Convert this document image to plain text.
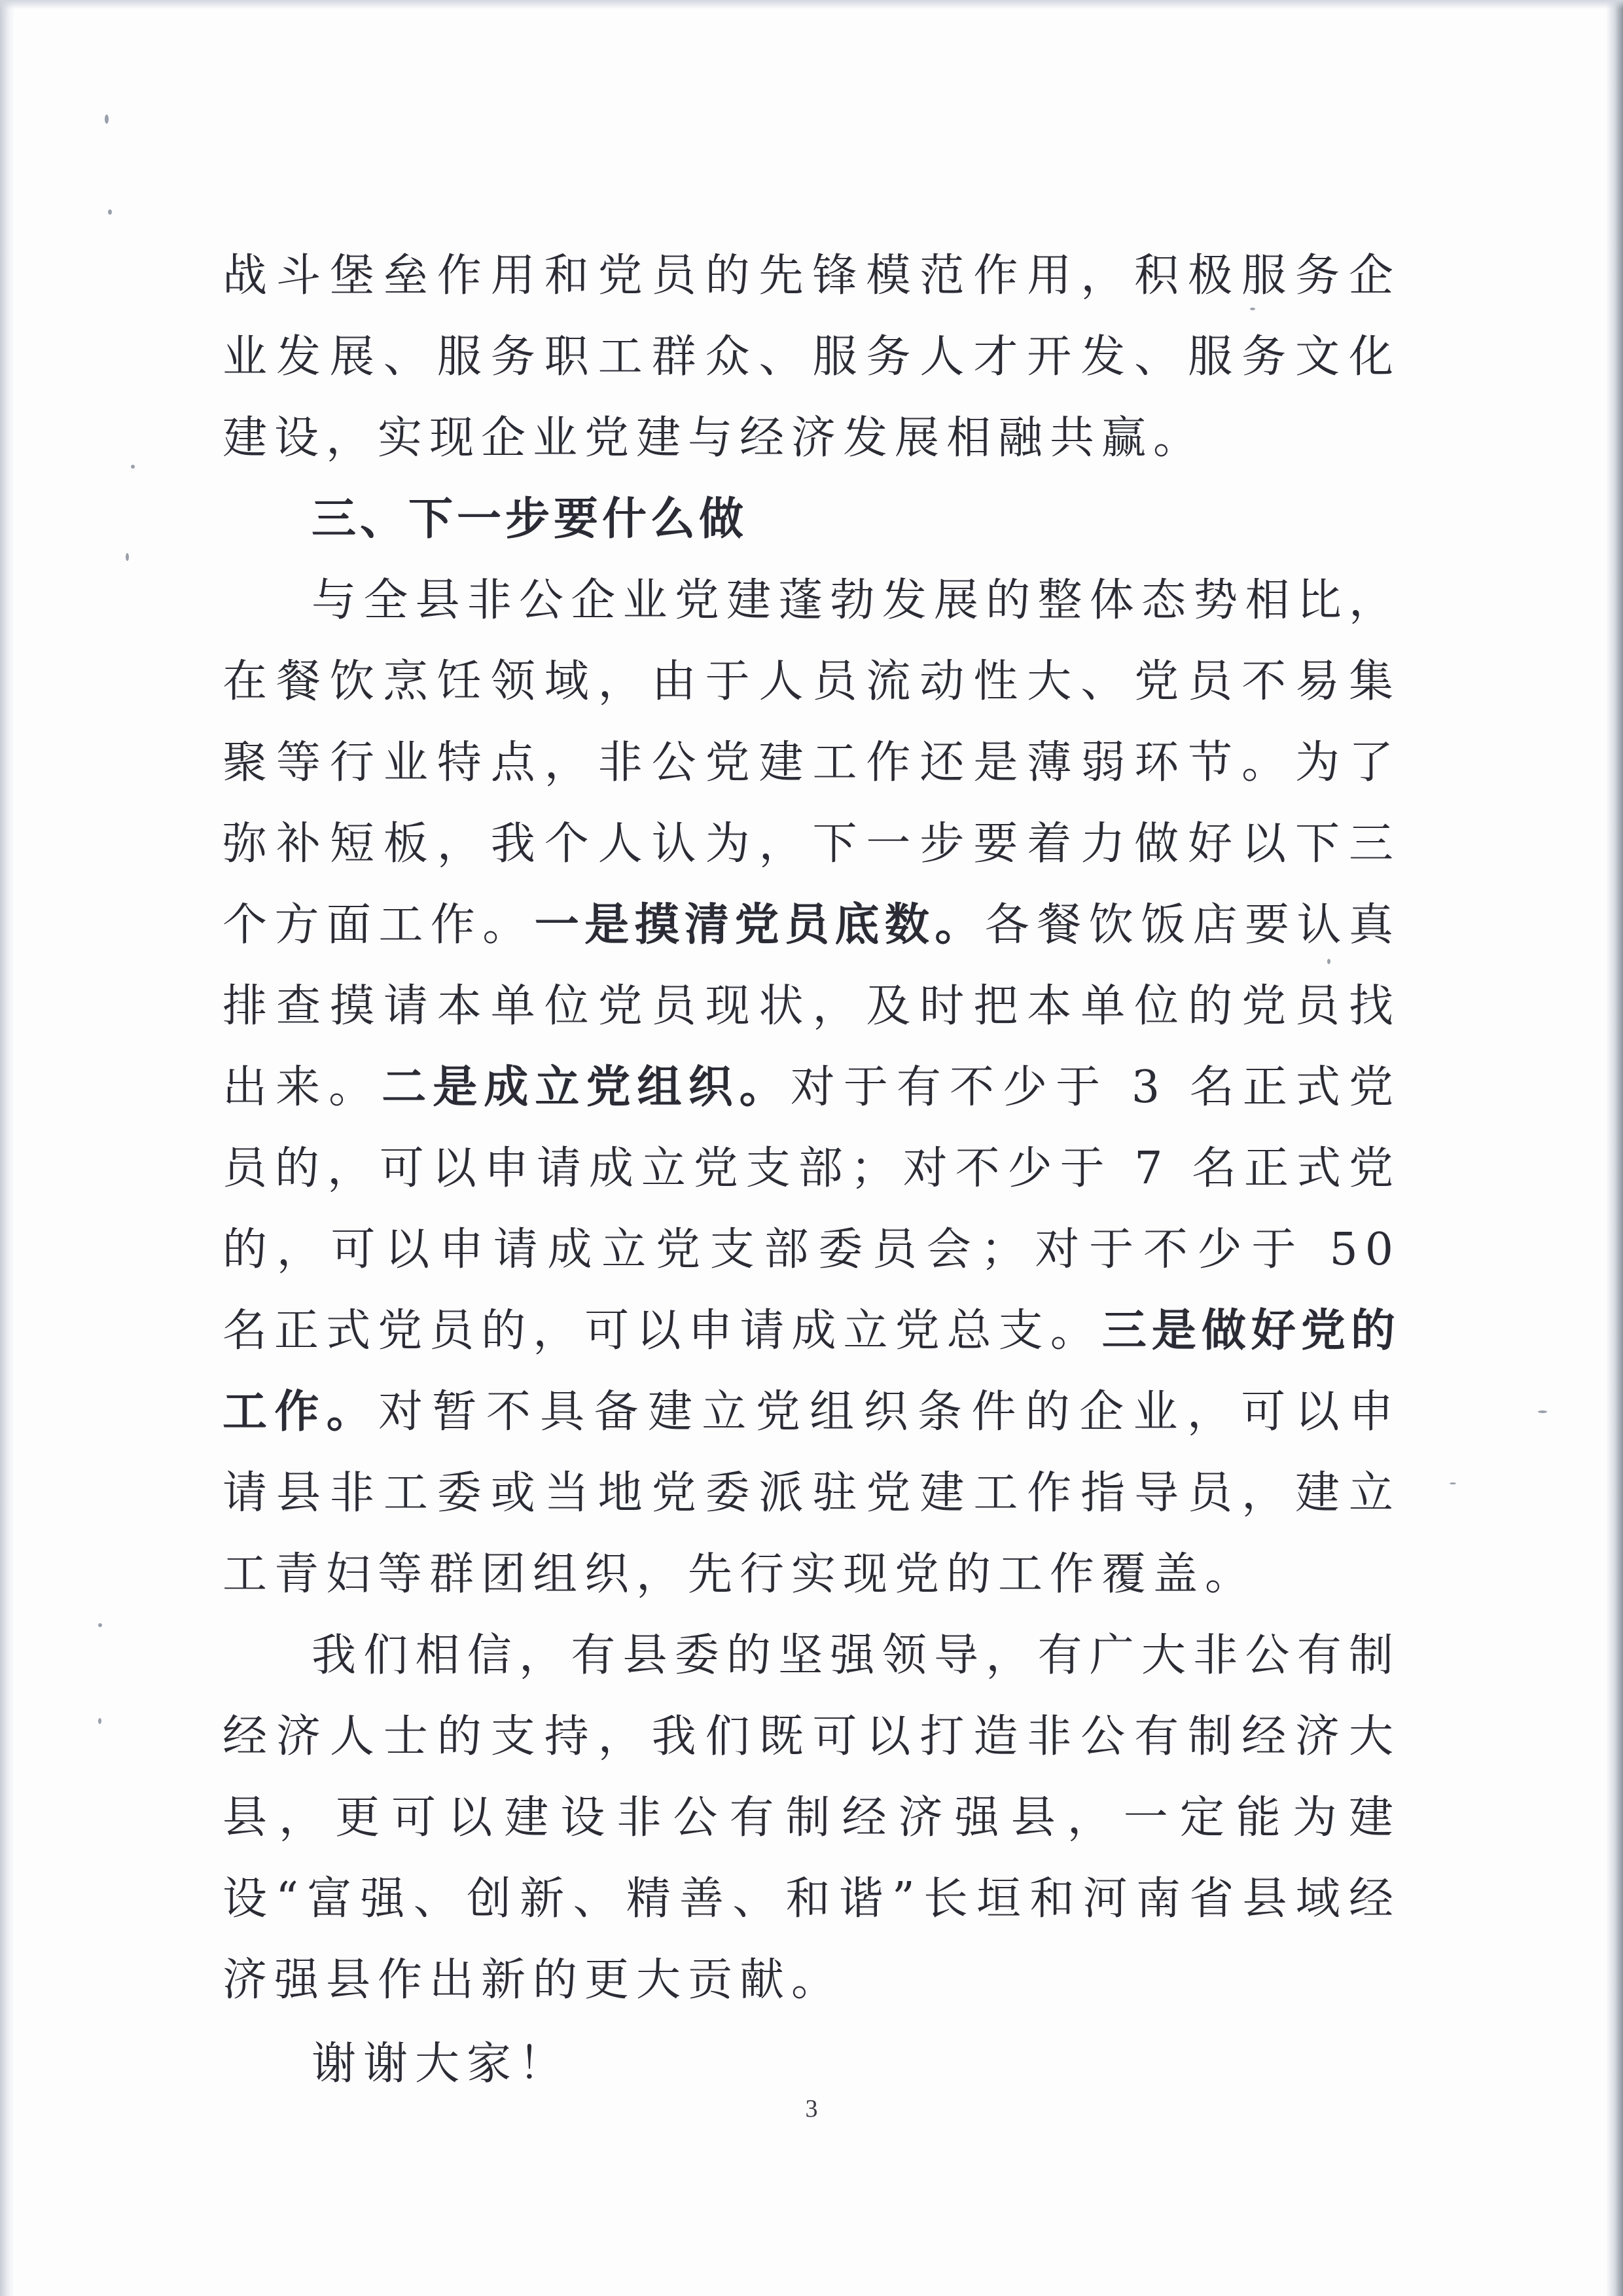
战斗堡垒作用和党员的先锋模范作用，积极服务企业发展、服务职工群众、服务人才开发、服务文化建设，实现企业党建与经济发展相融共赢。

三、下一步要什么做

与全县非公企业党建蓬勃发展的整体态势相比，在餐饮烹饪领域，由于人员流动性大、党员不易集聚等行业特点，非公党建工作还是薄弱环节。为了弥补短板，我个人认为，下一步要着力做好以下三个方面工作。一是摸清党员底数。各餐饮饭店要认真排查摸请本单位党员现状，及时把本单位的党员找出来。二是成立党组织。对于有不少于 3 名正式党员的，可以申请成立党支部；对不少于 7 名正式党的，可以申请成立党支部委员会；对于不少于 50 名正式党员的，可以申请成立党总支。三是做好党的工作。对暂不具备建立党组织条件的企业，可以申请县非工委或当地党委派驻党建工作指导员，建立工青妇等群团组织，先行实现党的工作覆盖。

我们相信，有县委的坚强领导，有广大非公有制经济人士的支持，我们既可以打造非公有制经济大县，更可以建设非公有制经济强县，一定能为建设“富强、创新、精善、和谐”长垣和河南省县域经济强县作出新的更大贡献。

谢谢大家！

3
